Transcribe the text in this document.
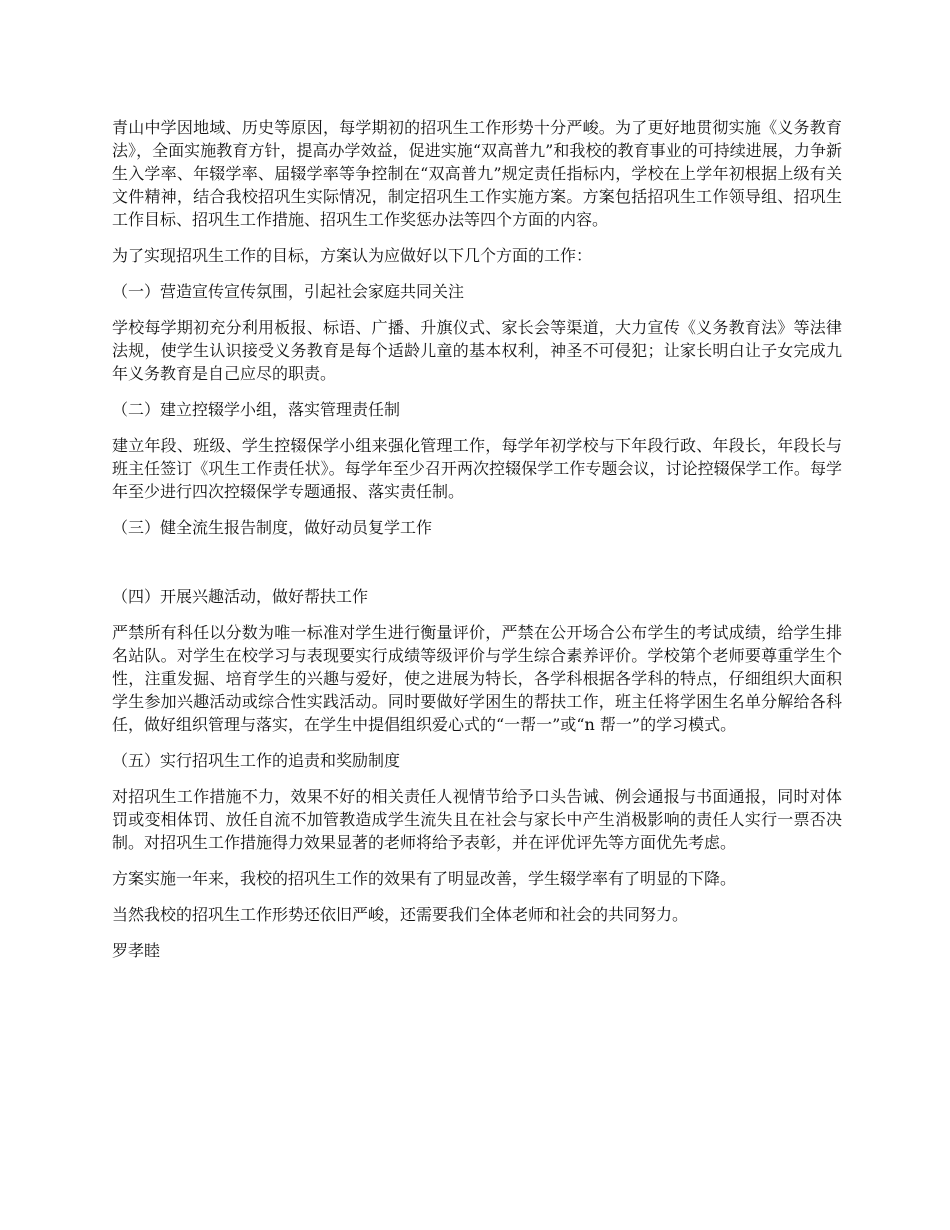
青山中学因地域、历史等原因，每学期初的招巩生工作形势十分严峻。为了更好地贯彻实施《义务教育法》，全面实施教育方针，提高办学效益，促进实施“双高普九”和我校的教育事业的可持续进展，力争新生入学率、年辍学率、届辍学率等争控制在“双高普九”规定责任指标内，学校在上学年初根据上级有关文件精神，结合我校招巩生实际情况，制定招巩生工作实施方案。方案包括招巩生工作领导组、招巩生工作目标、招巩生工作措施、招巩生工作奖惩办法等四个方面的内容。

为了实现招巩生工作的目标，方案认为应做好以下几个方面的工作：

（一）营造宣传宣传氛围，引起社会家庭共同关注

学校每学期初充分利用板报、标语、广播、升旗仪式、家长会等渠道，大力宣传《义务教育法》等法律法规，使学生认识接受义务教育是每个适龄儿童的基本权利，神圣不可侵犯；让家长明白让子女完成九年义务教育是自己应尽的职责。

（二）建立控辍学小组，落实管理责任制

建立年段、班级、学生控辍保学小组来强化管理工作，每学年初学校与下年段行政、年段长，年段长与班主任签订《巩生工作责任状》。每学年至少召开两次控辍保学工作专题会议，讨论控辍保学工作。每学年至少进行四次控辍保学专题通报、落实责任制。

（三）健全流生报告制度，做好动员复学工作

（四）开展兴趣活动，做好帮扶工作

严禁所有科任以分数为唯一标准对学生进行衡量评价，严禁在公开场合公布学生的考试成绩，给学生排名站队。对学生在校学习与表现要实行成绩等级评价与学生综合素养评价。学校第个老师要尊重学生个性，注重发掘、培育学生的兴趣与爱好，使之进展为特长，各学科根据各学科的特点，仔细组织大面积学生参加兴趣活动或综合性实践活动。同时要做好学困生的帮扶工作，班主任将学困生名单分解给各科任，做好组织管理与落实，在学生中提倡组织爱心式的“一帮一”或“n 帮一”的学习模式。

（五）实行招巩生工作的追责和奖励制度

对招巩生工作措施不力，效果不好的相关责任人视情节给予口头告诫、例会通报与书面通报，同时对体罚或变相体罚、放任自流不加管教造成学生流失且在社会与家长中产生消极影响的责任人实行一票否决制。对招巩生工作措施得力效果显著的老师将给予表彰，并在评优评先等方面优先考虑。

方案实施一年来，我校的招巩生工作的效果有了明显改善，学生辍学率有了明显的下降。

当然我校的招巩生工作形势还依旧严峻，还需要我们全体老师和社会的共同努力。

罗孝睦
